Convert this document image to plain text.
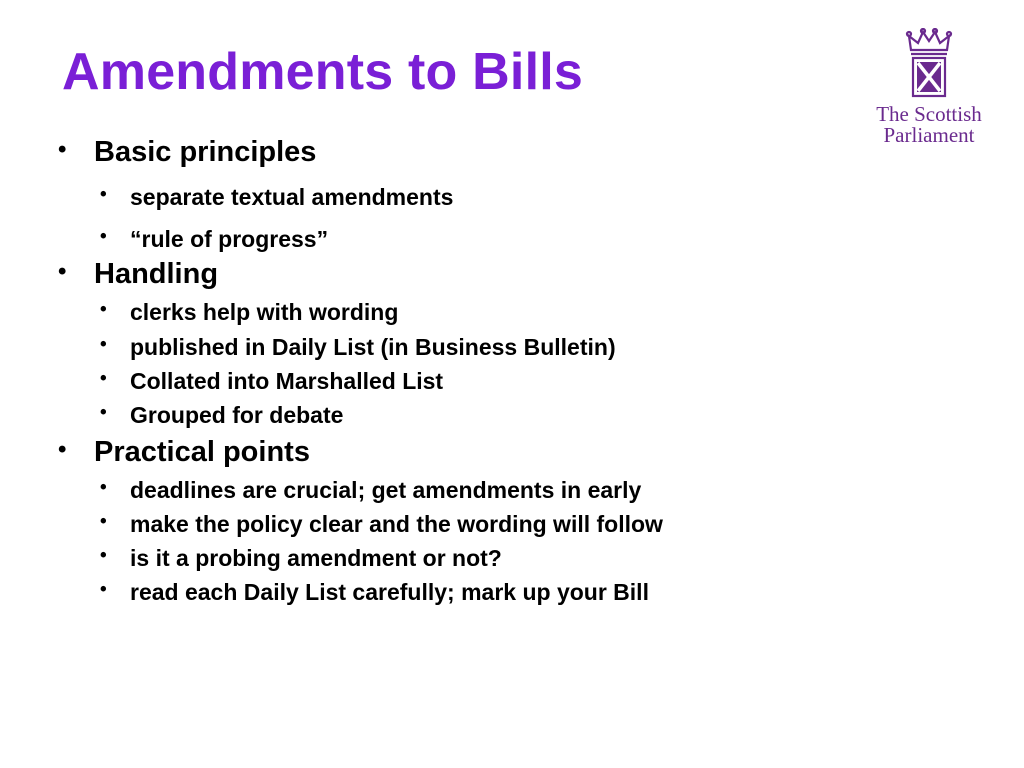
Amendments to Bills
The Scottish
Parliament
• Basic principles
• separate textual amendments
• “rule of progress”
• Handling
• clerks help with wording
• published in Daily List (in Business Bulletin)
• Collated into Marshalled List
• Grouped for debate
• Practical points
• deadlines are crucial; get amendments in early
• make the policy clear and the wording will follow
• is it a probing amendment or not?
• read each Daily List carefully; mark up your Bill
